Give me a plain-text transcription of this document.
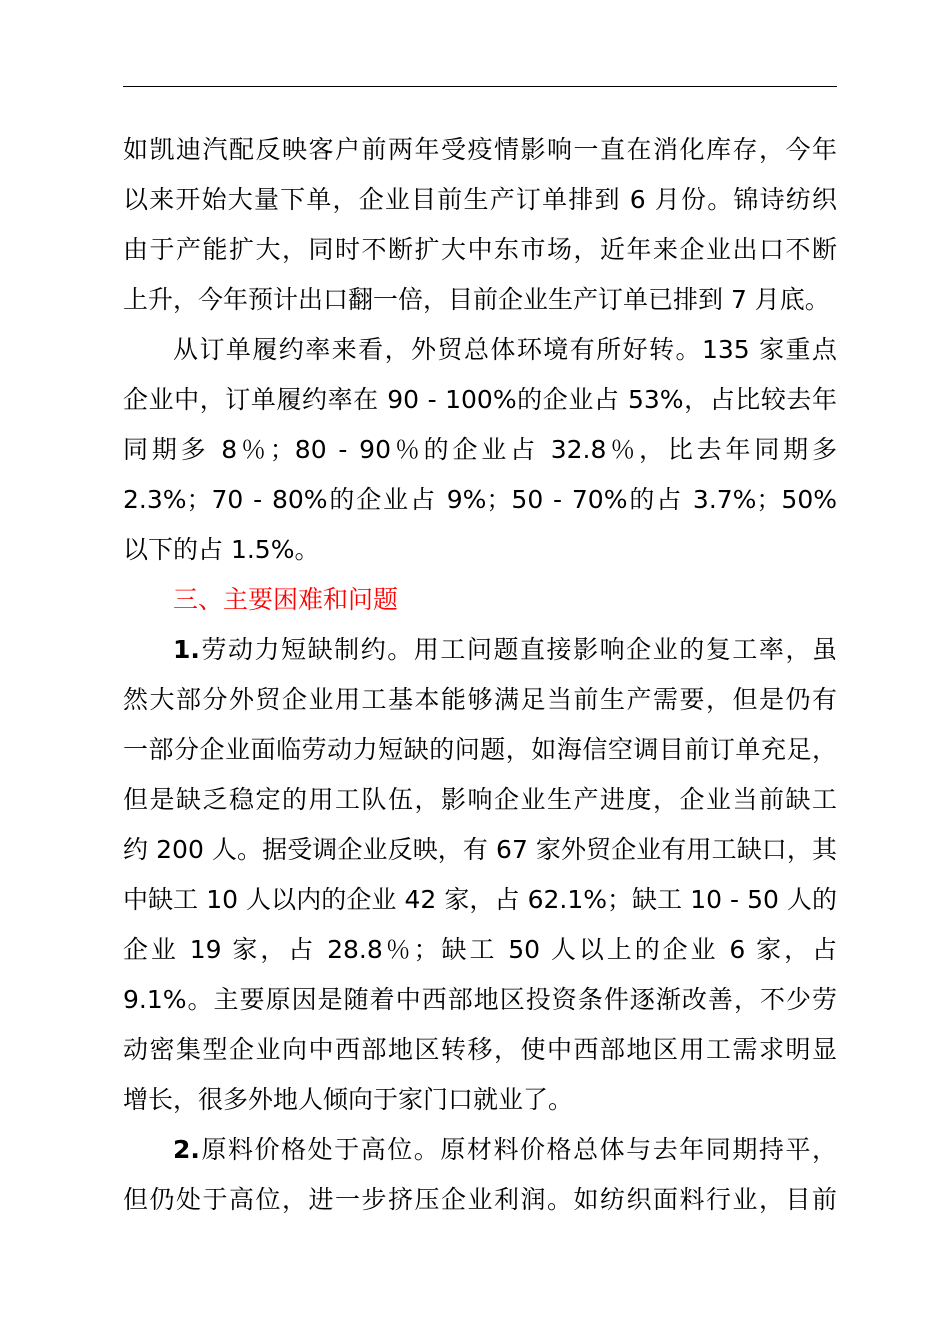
如凯迪汽配反映客户前两年受疫情影响一直在消化库存，今年
以来开始大量下单，企业目前生产订单排到 6 月份。锦诗纺织
由于产能扩大，同时不断扩大中东市场，近年来企业出口不断
上升，今年预计出口翻一倍，目前企业生产订单已排到 7 月底。
从订单履约率来看，外贸总体环境有所好转。135 家重点
企业中，订单履约率在 90 - 100%的企业占 53%，占比较去年
同期多 8％；80 - 90％的企业占 32.8％，比去年同期多
2.3%；70 - 80%的企业占 9%；50 - 70%的占 3.7%；50%
以下的占 1.5%。
三、主要困难和问题
1.劳动力短缺制约。用工问题直接影响企业的复工率，虽
然大部分外贸企业用工基本能够满足当前生产需要，但是仍有
一部分企业面临劳动力短缺的问题，如海信空调目前订单充足，
但是缺乏稳定的用工队伍，影响企业生产进度，企业当前缺工
约 200 人。据受调企业反映，有 67 家外贸企业有用工缺口，其
中缺工 10 人以内的企业 42 家，占 62.1%；缺工 10 - 50 人的
企业 19 家，占 28.8％；缺工 50 人以上的企业 6 家，占
9.1%。主要原因是随着中西部地区投资条件逐渐改善，不少劳
动密集型企业向中西部地区转移，使中西部地区用工需求明显
增长，很多外地人倾向于家门口就业了。
2.原料价格处于高位。原材料价格总体与去年同期持平，
但仍处于高位，进一步挤压企业利润。如纺织面料行业，目前
